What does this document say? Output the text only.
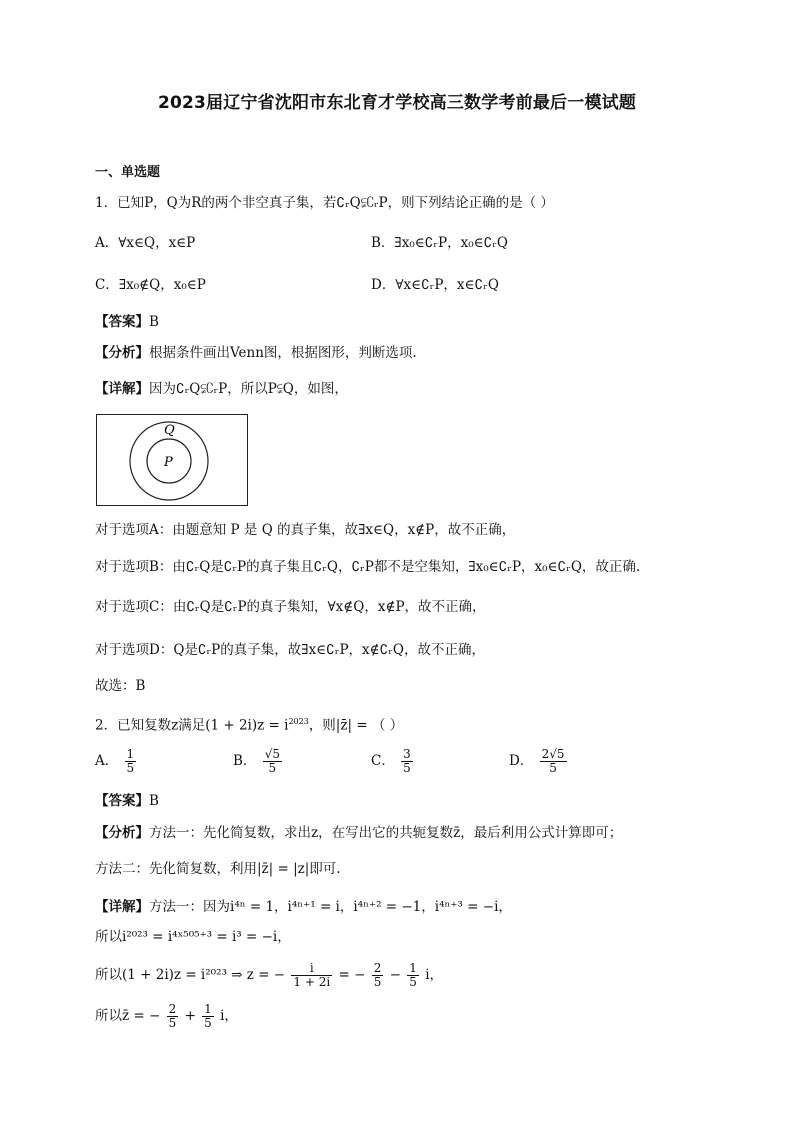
2023届辽宁省沈阳市东北育才学校高三数学考前最后一模试题
一、单选题
1．已知P，Q为R的两个非空真子集，若∁ᵣQ⫋∁ᵣP，则下列结论正确的是（ ）
A．∀x∈Q，x∈P	B．∃x₀∈∁ᵣP，x₀∈∁ᵣQ
C．∃x₀∉Q，x₀∈P	D．∀x∈∁ᵣP，x∈∁ᵣQ
【答案】B
【分析】根据条件画出Venn图，根据图形，判断选项.
【详解】因为∁ᵣQ⫋∁ᵣP，所以P⫋Q，如图，
Q
P
对于选项A：由题意知 P 是 Q 的真子集，故∃x∈Q，x∉P，故不正确，
对于选项B：由∁ᵣQ是∁ᵣP的真子集且∁ᵣQ，∁ᵣP都不是空集知，∃x₀∈∁ᵣP，x₀∈∁ᵣQ，故正确.
对于选项C：由∁ᵣQ是∁ᵣP的真子集知，∀x∉Q，x∉P，故不正确，
对于选项D：Q是∁ᵣP的真子集，故∃x∈∁ᵣP，x∉∁ᵣQ，故不正确，
故选：B
2．已知复数z满足$(1 + 2i)z = i^{2023}$，则|z̄| = （ ）
A． $\frac{1}{5}$	B． $\frac{√5}{5}$	C． $\frac{3}{5}$	D． $\frac{2√5}{5}$
【答案】B
【分析】方法一：先化简复数，求出z，在写出它的共轭复数z̄，最后利用公式计算即可；
方法二：先化简复数，利用|z̄| = |z|即可.
【详解】方法一：因为i⁴ⁿ = 1，i⁴ⁿ⁺¹ = i，i⁴ⁿ⁺² = −1，i⁴ⁿ⁺³ = −i，
所以i²⁰²³ = i⁴ˣ⁵⁰⁵⁺³ = i³ = −i，
所以(1 + 2i)z = i²⁰²³ ⇒ z = − $\frac{i}{1 + 2i}$ = − $\frac{2}{5} - \frac{1}{5}$ i，
所以z̄ = − $\frac{2}{5} + \frac{1}{5}$ i，
